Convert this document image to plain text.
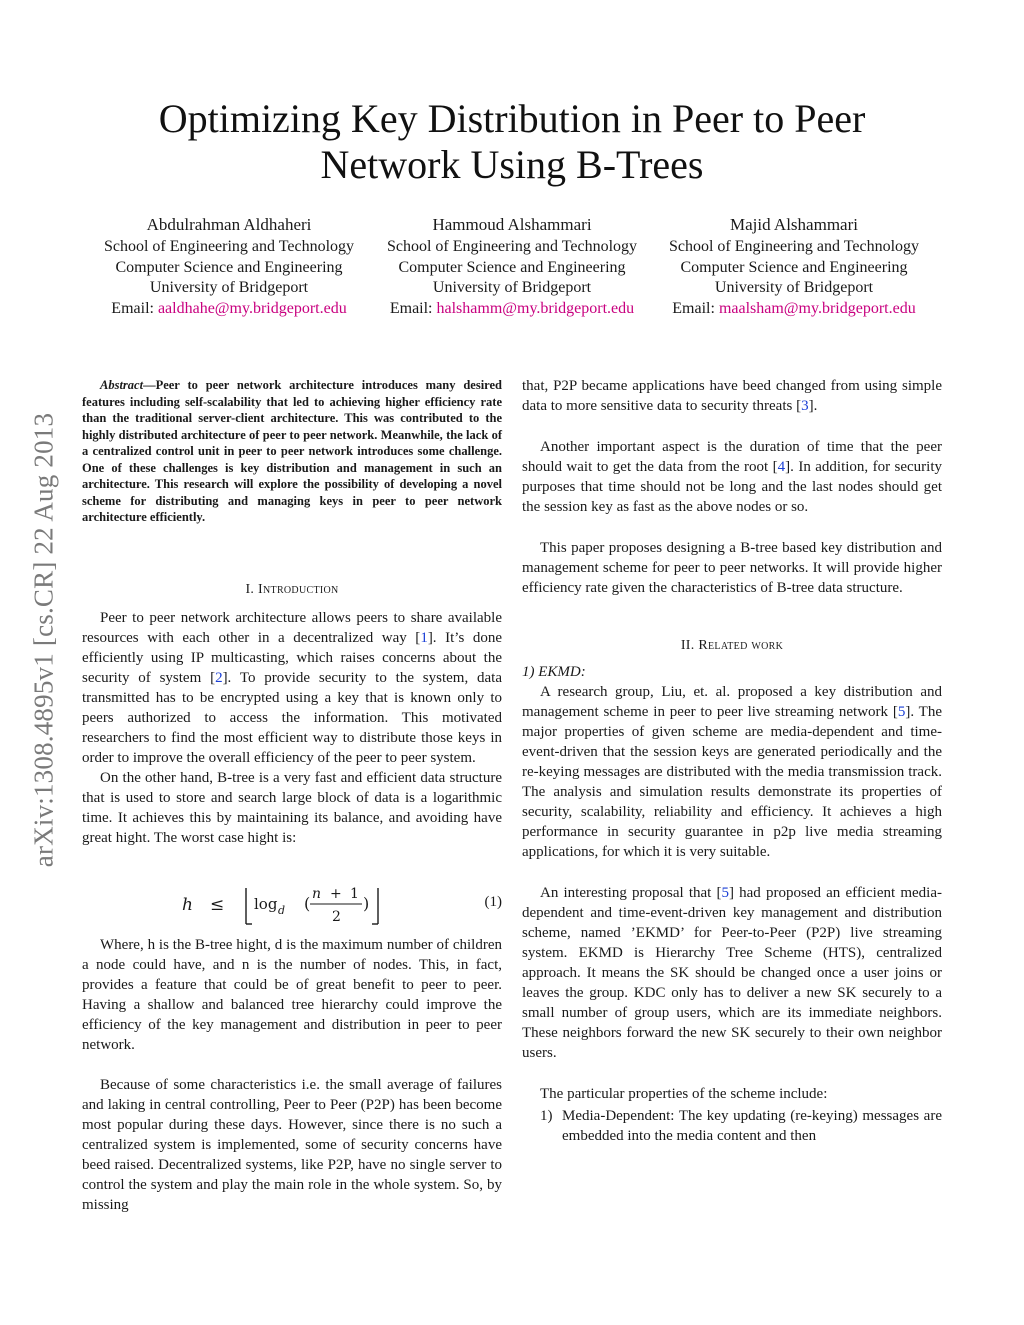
Optimizing Key Distribution in Peer to Peer
Network Using B-Trees
Abdulrahman Aldhaheri
School of Engineering and Technology
Computer Science and Engineering
University of Bridgeport
Email: aaldhahe@my.bridgeport.edu
Hammoud Alshammari
School of Engineering and Technology
Computer Science and Engineering
University of Bridgeport
Email: halshamm@my.bridgeport.edu
Majid Alshammari
School of Engineering and Technology
Computer Science and Engineering
University of Bridgeport
Email: maalsham@my.bridgeport.edu
arXiv:1308.4895v1 [cs.CR] 22 Aug 2013
Abstract—Peer to peer network architecture introduces many desired features including self-scalability that led to achieving higher efficiency rate than the traditional server-client architecture. This was contributed to the highly distributed architecture of peer to peer network. Meanwhile, the lack of a centralized control unit in peer to peer network introduces some challenge. One of these challenges is key distribution and management in such an architecture. This research will explore the possibility of developing a novel scheme for distributing and managing keys in peer to peer network architecture efficiently.
I. Introduction

Peer to peer network architecture allows peers to share available resources with each other in a decentralized way [1]. It’s done efficiently using IP multicasting, which raises concerns about the security of system [2]. To provide security to the system, data transmitted has to be encrypted using a key that is known only to peers authorized to access the information. This motivated researchers to find the most efficient way to distribute those keys in order to improve the overall efficiency of the peer to peer system.

On the other hand, B-tree is a very fast and efficient data structure that is used to store and search large block of data is a logarithmic time. It achieves this by maintaining its balance, and avoiding have great hight. The worst case hight is:

h ≤ log d ( n + 1
2
)	(1)

Where, h is the B-tree hight, d is the maximum number of children a node could have, and n is the number of nodes. This, in fact, provides a feature that could be of great benefit to peer to peer. Having a shallow and balanced tree hierarchy could improve the efficiency of the key management and distribution in peer to peer network.

Because of some characteristics i.e. the small average of failures and laking in central controlling, Peer to Peer (P2P) has been become most popular during these days. However, since there is no such a centralized system is implemented, some of security concerns have beed raised. Decentralized systems, like P2P, have no single server to control the system and play the main role in the whole system. So, by missing

that, P2P became applications have beed changed from using simple data to more sensitive data to security threats [3].

Another important aspect is the duration of time that the peer should wait to get the data from the root [4]. In addition, for security purposes that time should not be long and the last nodes should get the session key as fast as the above nodes or so.

This paper proposes designing a B-tree based key distribution and management scheme for peer to peer networks. It will provide higher efficiency rate given the characteristics of B-tree data structure.

II. Related work

1) EKMD:

A research group, Liu, et. al. proposed a key distribution and management scheme in peer to peer live streaming network [5]. The major properties of given scheme are media-dependent and time-event-driven that the session keys are generated periodically and the re-keying messages are distributed with the media transmission track. The analysis and simulation results demonstrate its properties of security, scalability, reliability and efficiency. It achieves a high performance in security guarantee in p2p live media streaming applications, for which it is very suitable.

An interesting proposal that [5] had proposed an efficient media-dependent and time-event-driven key management and distribution scheme, named ’EKMD’ for Peer-to-Peer (P2P) live streaming system. EKMD is Hierarchy Tree Scheme (HTS), centralized approach. It means the SK should be changed once a user joins or leaves the group. KDC only has to deliver a new SK securely to a small number of group users, which are its immediate neighbors. These neighbors forward the new SK securely to their own neighbor users.

The particular properties of the scheme include:

1) Media-Dependent: The key updating (re-keying) messages are embedded into the media content and then
